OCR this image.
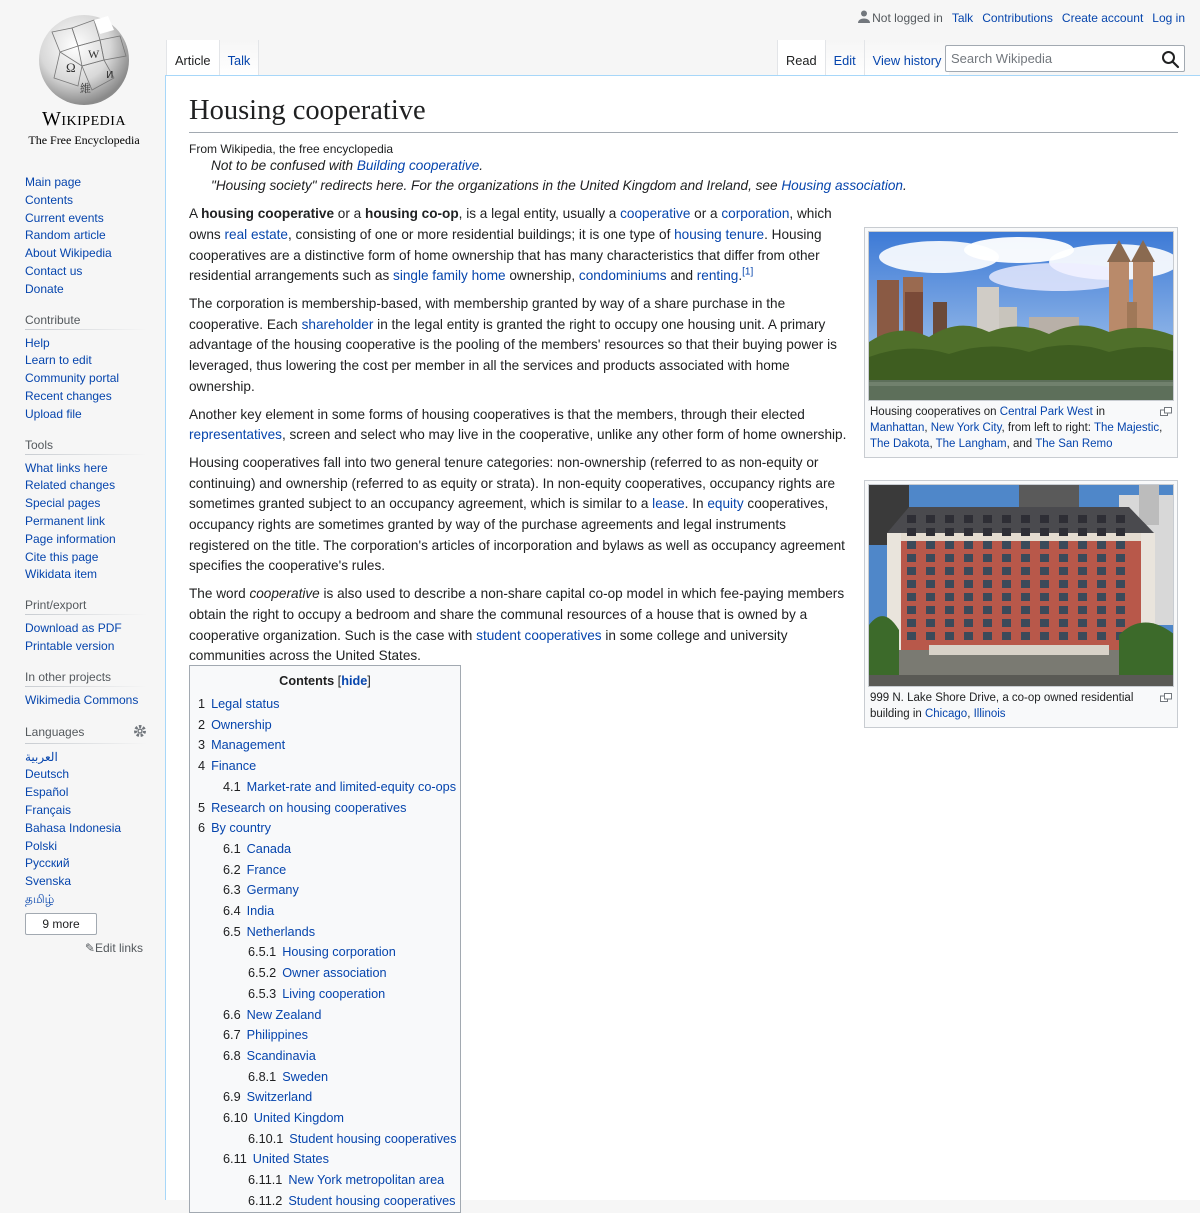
Ω
W
維
И
Wikipedia
The Free Encyclopedia
Not logged in Talk Contributions Create account Log in
Article	Talk	Read	Edit	View history
Search Wikipedia
Main page
Contents
Current events
Random article
About Wikipedia
Contact us
Donate
Contribute
Help
Learn to edit
Community portal
Recent changes
Upload file
Tools
What links here
Related changes
Special pages
Permanent link
Page information
Cite this page
Wikidata item
Print/export
Download as PDF
Printable version
In other projects
Wikimedia Commons
Languages
العربية
Deutsch
Español
Français
Bahasa Indonesia
Polski
Русский
Svenska
தமிழ்
9 more
✎Edit links
Housing cooperative
From Wikipedia, the free encyclopedia
Not to be confused with Building cooperative.
"Housing society" redirects here. For the organizations in the United Kingdom and Ireland, see Housing association.

A housing cooperative or a housing co-op, is a legal entity, usually a cooperative or a corporation, which owns real estate, consisting of one or more residential buildings; it is one type of housing tenure. Housing cooperatives are a distinctive form of home ownership that has many characteristics that differ from other residential arrangements such as single family home ownership, condominiums and renting.[1]

The corporation is membership-based, with membership granted by way of a share purchase in the cooperative. Each shareholder in the legal entity is granted the right to occupy one housing unit. A primary advantage of the housing cooperative is the pooling of the members' resources so that their buying power is leveraged, thus lowering the cost per member in all the services and products associated with home ownership.

Another key element in some forms of housing cooperatives is that the members, through their elected representatives, screen and select who may live in the cooperative, unlike any other form of home ownership.

Housing cooperatives fall into two general tenure categories: non-ownership (referred to as non-equity or continuing) and ownership (referred to as equity or strata). In non-equity cooperatives, occupancy rights are sometimes granted subject to an occupancy agreement, which is similar to a lease. In equity cooperatives, occupancy rights are sometimes granted by way of the purchase agreements and legal instruments registered on the title. The corporation's articles of incorporation and bylaws as well as occupancy agreement specifies the cooperative's rules.

The word cooperative is also used to describe a non-share capital co-op model in which fee-paying members obtain the right to occupy a bedroom and share the communal resources of a house that is owned by a cooperative organization. Such is the case with student cooperatives in some college and university communities across the United States.

Housing cooperatives on Central Park West in
Manhattan, New York City, from left to right: The Majestic, The Dakota, The Langham, and The San Remo
999 N. Lake Shore Drive, a co-op owned residential building in Chicago, Illinois
Contents [hide]
1 Legal status
2 Ownership
3 Management
4 Finance
4.1 Market-rate and limited-equity co-ops
5 Research on housing cooperatives
6 By country
6.1 Canada
6.2 France
6.3 Germany
6.4 India
6.5 Netherlands
6.5.1 Housing corporation
6.5.2 Owner association
6.5.3 Living cooperation
6.6 New Zealand
6.7 Philippines
6.8 Scandinavia
6.8.1 Sweden
6.9 Switzerland
6.10 United Kingdom
6.10.1 Student housing cooperatives
6.11 United States
6.11.1 New York metropolitan area
6.11.2 Student housing cooperatives
